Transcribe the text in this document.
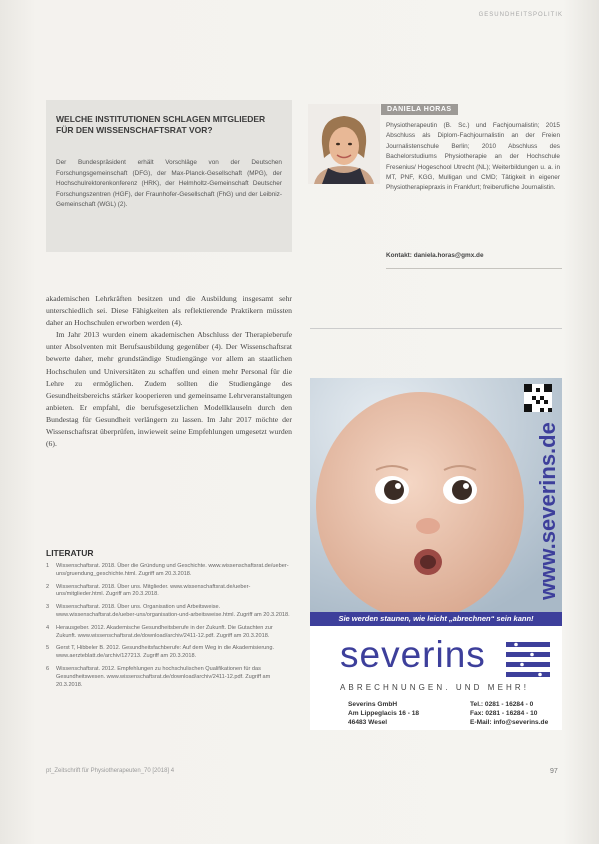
GESUNDHEITSPOLITIK
WELCHE INSTITUTIONEN SCHLAGEN MITGLIEDER FÜR DEN WISSENSCHAFTSRAT VOR?

Der Bundespräsident erhält Vorschläge von der Deutschen Forschungsgemeinschaft (DFG), der Max-Planck-Gesellschaft (MPG), der Hochschulrektorenkonferenz (HRK), der Helmholtz-Gemeinschaft Deutscher Forschungszentren (HGF), der Fraunhofer-Gesellschaft (FhG) und der Leibniz-Gemeinschaft (WGL) (2).

DANIELA HORAS
Physiotherapeutin (B. Sc.) und Fachjournalistin; 2015 Abschluss als Diplom-Fachjournalistin an der Freien Journalistenschule Berlin; 2010 Abschluss des Bachelorstudiums Physiotherapie an der Hochschule Fresenius/ Hogeschool Utrecht (NL); Weiterbildungen u. a. in MT, PNF, KGG, Mulligan und CMD; Tätigkeit in eigener Physiotherapiepraxis in Frankfurt; freiberufliche Journalistin.
Kontakt: daniela.horas@gmx.de

akademischen Lehrkräften besitzen und die Ausbildung insgesamt sehr unterschiedlich sei. Diese Fähigkeiten als reflektierende Praktikern müssten daher an Hochschulen erworben werden (4).

Im Jahr 2013 wurden einem akademischen Abschluss der Therapieberufe unter Absolventen mit Berufsausbildung gegenüber (4). Der Wissenschaftsrat bewerte daher, mehr grundständige Studiengänge vor allem an staatlichen Hochschulen und Universitäten zu schaffen und einen mehr Personal für die Lehre zu ermöglichen. Zudem sollten die Studiengänge des Gesundheitsbereichs stärker kooperieren und gemeinsame Lehrveranstaltungen anbieten. Er empfahl, die berufsgesetzlichen Modellklauseln durch den Bundestag für Gesundheit verlängern zu lassen. Im Jahr 2017 möchte der Wissenschaftsrat überprüfen, inwieweit seine Empfehlungen umgesetzt wurden (6).

LITERATUR
1 Wissenschaftsrat. 2018. Über die Gründung und Geschichte. www.wissenschaftsrat.de/ueber-uns/gruendung_geschichte.html. Zugriff am 20.3.2018.
2 Wissenschaftsrat. 2018. Über uns. Mitglieder. www.wissenschaftsrat.de/ueber-uns/mitglieder.html. Zugriff am 20.3.2018.
3 Wissenschaftsrat. 2018. Über uns. Organisation und Arbeitsweise. www.wissenschaftsrat.de/ueber-uns/organisation-und-arbeitsweise.html. Zugriff am 20.3.2018.
4 Herausgeber. 2012. Akademische Gesundheitsberufe in der Zukunft. Die Gutachten zur Zukunft. www.wissenschaftsrat.de/download/archiv/2411-12.pdf. Zugriff am 20.3.2018.
5 Gerst T, Hibbeler B. 2012. Gesundheitsfachberufe: Auf dem Weg in die Akademisierung. www.aerzteblatt.de/archiv/127213. Zugriff am 20.3.2018.
6 Wissenschaftsrat. 2012. Empfehlungen zu hochschulischen Qualifikationen für das Gesundheitswesen. www.wissenschaftsrat.de/download/archiv/2411-12.pdf. Zugriff am 20.3.2018.
www.severins.de
Sie werden staunen, wie leicht „abrechnen“ sein kann!
severins
ABRECHNUNGEN. UND MEHR!
Severins GmbH
Am Lippeglacis 16 - 18
46483 Wesel
Tel.: 0281 - 16284 - 0
Fax: 0281 - 16284 - 10
E-Mail: info@severins.de
pt_Zeitschrift für Physiotherapeuten_70 [2018] 4	97
